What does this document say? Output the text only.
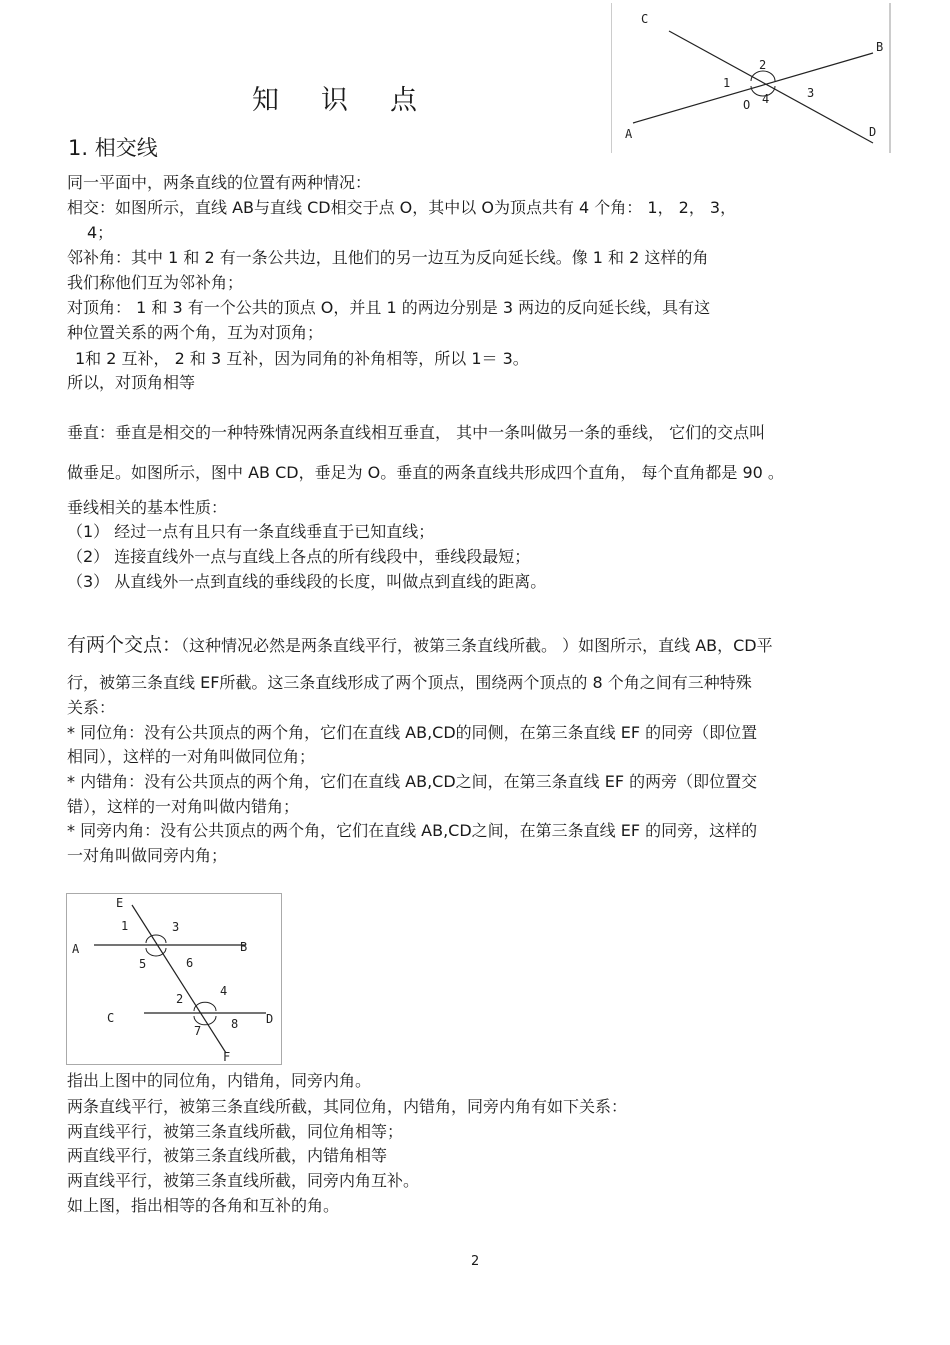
C
B
A	D
O
1
2
3
4
知 识 点
1. 相交线
同一平面中，两条直线的位置有两种情况：
相交：如图所示，直线 AB与直线 CD相交于点 O，其中以 O为顶点共有 4 个角： 1， 2， 3，
4；
邻补角：其中 1 和 2 有一条公共边，且他们的另一边互为反向延长线。像 1 和 2 这样的角
我们称他们互为邻补角；
对顶角： 1 和 3 有一个公共的顶点 O，并且 1 的两边分别是 3 两边的反向延长线，具有这
种位置关系的两个角，互为对顶角；
1和 2 互补， 2 和 3 互补，因为同角的补角相等，所以 1＝ 3。
所以，对顶角相等
垂直：垂直是相交的一种特殊情况两条直线相互垂直， 其中一条叫做另一条的垂线， 它们的交点叫
做垂足。如图所示，图中 AB CD，垂足为 O。垂直的两条直线共形成四个直角， 每个直角都是 90 。
垂线相关的基本性质：
（1） 经过一点有且只有一条直线垂直于已知直线；
（2） 连接直线外一点与直线上各点的所有线段中，垂线段最短；
（3） 从直线外一点到直线的垂线段的长度，叫做点到直线的距离。
有两个交点：（这种情况必然是两条直线平行，被第三条直线所截。 ）如图所示，直线 AB，CD平
行，被第三条直线 EF所截。这三条直线形成了两个顶点，围绕两个顶点的 8 个角之间有三种特殊
关系：
* 同位角：没有公共顶点的两个角，它们在直线 AB,CD的同侧，在第三条直线 EF 的同旁（即位置
相同），这样的一对角叫做同位角；
* 内错角：没有公共顶点的两个角，它们在直线 AB,CD之间，在第三条直线 EF 的两旁（即位置交
错），这样的一对角叫做内错角；
* 同旁内角：没有公共顶点的两个角，它们在直线 AB,CD之间，在第三条直线 EF 的同旁，这样的
一对角叫做同旁内角；
E
F
A	B
C	D
1	3
5	6
2
4
7 8
指出上图中的同位角，内错角，同旁内角。
两条直线平行，被第三条直线所截，其同位角，内错角，同旁内角有如下关系：
两直线平行，被第三条直线所截，同位角相等；
两直线平行，被第三条直线所截，内错角相等
两直线平行，被第三条直线所截，同旁内角互补。
如上图，指出相等的各角和互补的角。
2
